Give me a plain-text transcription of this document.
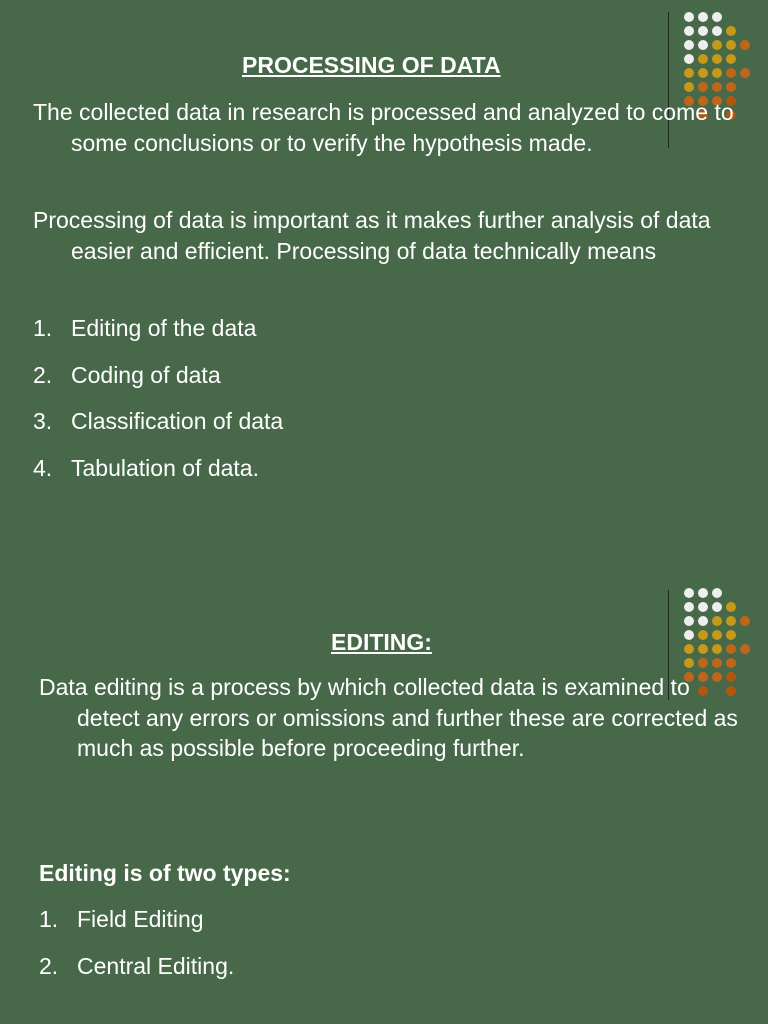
PROCESSING OF DATA
The collected data in research is processed and analyzed to come to some conclusions or to verify the hypothesis made.
Processing of data is important as it makes further analysis of data easier and efficient. Processing of data technically means
1. Editing of the data
2. Coding of data
3. Classification of data
4. Tabulation of data.
EDITING:
Data editing is a process by which collected data is examined to detect any errors or omissions and further these are corrected as much as possible before proceeding further.
Editing is of two types:
1. Field Editing
2. Central Editing.
